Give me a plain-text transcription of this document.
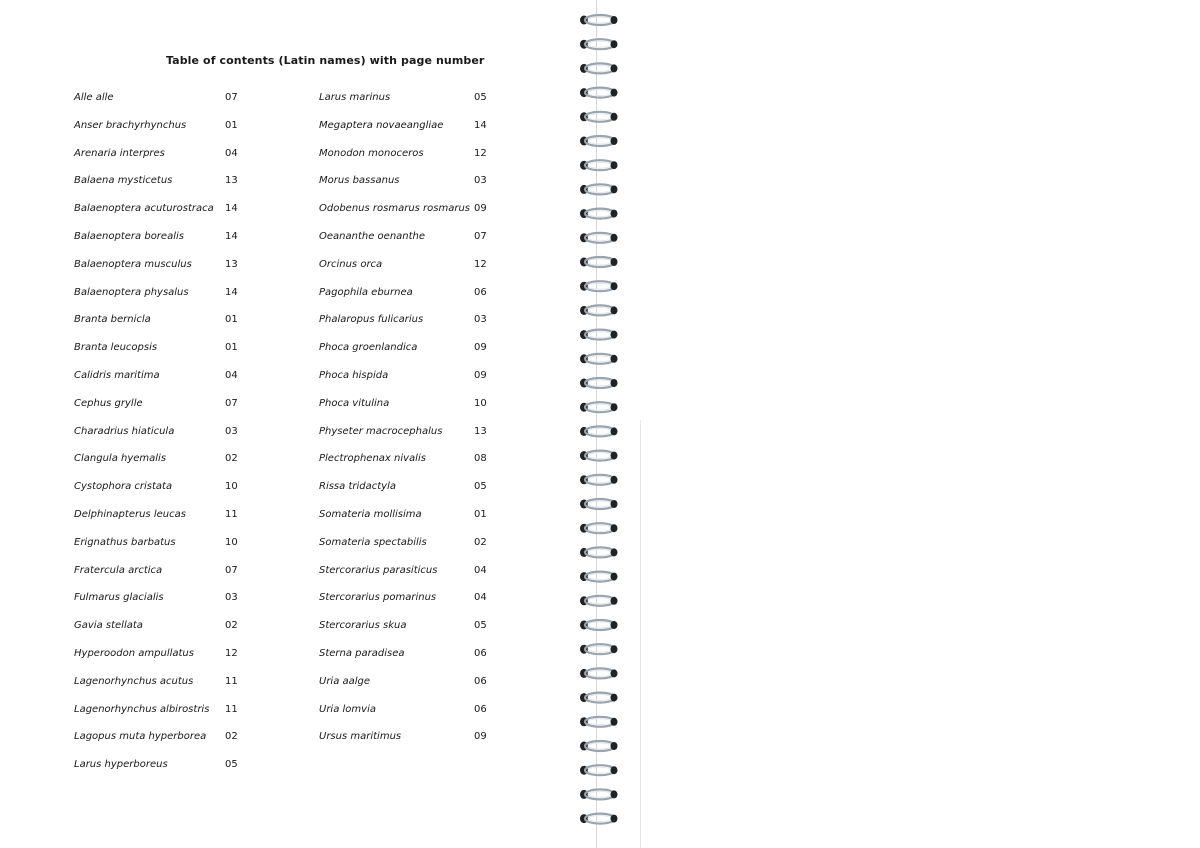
Table of contents (Latin names) with page number
Alle alle	07
Anser brachyrhynchus	01
Arenaria interpres	04
Balaena mysticetus	13
Balaenoptera acuturostraca 14
Balaenoptera borealis	14
Balaenoptera musculus	13
Balaenoptera physalus	14
Branta bernicla	01
Branta leucopsis	01
Calidris maritima	04
Cephus grylle	07
Charadrius hiaticula	03
Clangula hyemalis	02
Cystophora cristata	10
Delphinapterus leucas	11
Erignathus barbatus	10
Fratercula arctica	07
Fulmarus glacialis	03
Gavia stellata	02
Hyperoodon ampullatus	12
Lagenorhynchus acutus	11
Lagenorhynchus albirostris 11
Lagopus muta hyperborea 02
Larus hyperboreus	05
Larus marinus	05
Megaptera novaeangliae	14
Monodon monoceros	12
Morus bassanus	03
Odobenus rosmarus rosmarus 09
Oeananthe oenanthe	07
Orcinus orca	12
Pagophila eburnea	06
Phalaropus fulicarius	03
Phoca groenlandica	09
Phoca hispida	09
Phoca vitulina	10
Physeter macrocephalus	13
Plectrophenax nivalis	08
Rissa tridactyla	05
Somateria mollisima	01
Somateria spectabilis	02
Stercorarius parasiticus	04
Stercorarius pomarinus	04
Stercorarius skua	05
Sterna paradisea	06
Uria aalge	06
Uria lomvia	06
Ursus maritimus	09
